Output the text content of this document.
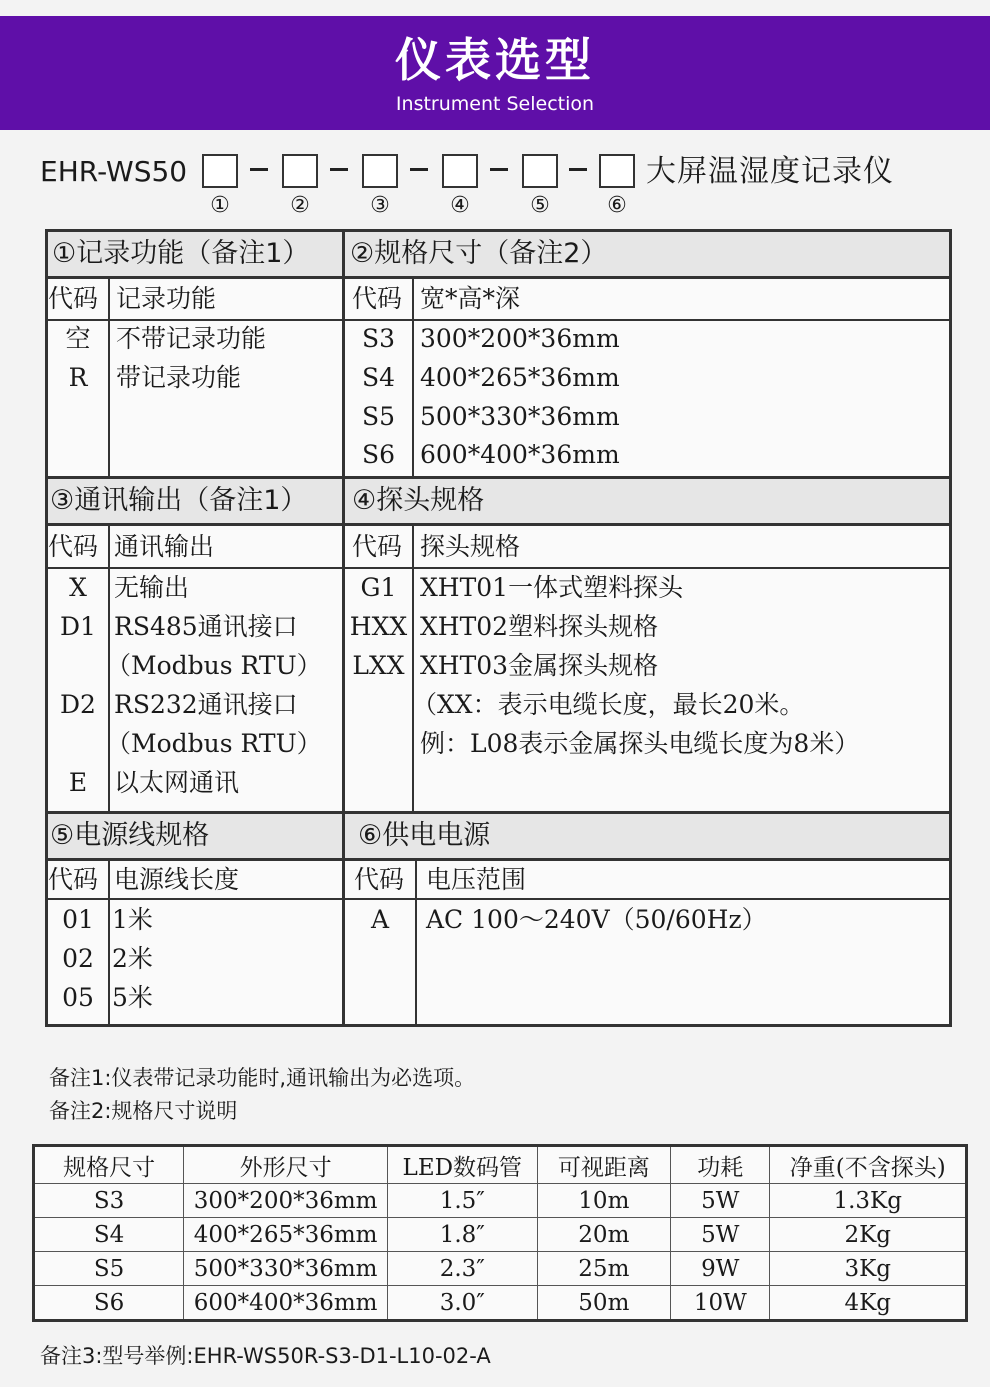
仪表选型
Instrument Selection
EHR-WS50	大屏温湿度记录仪
①	②	③	④	⑤	⑥
①记录功能（备注1）
代码 记录功能
空	不带记录功能
R	带记录功能
②规格尺寸（备注2）
代码 宽*高*深
S3 300*200*36mm
S4 400*265*36mm
S5 500*330*36mm
S6 600*400*36mm
③通讯输出（备注1）
代码 通讯输出
X	无输出
D1 RS485通讯接口
（Modbus RTU）
D2 RS232通讯接口
（Modbus RTU）
E	以太网通讯
④探头规格
代码 探头规格
G1 XHT01一体式塑料探头
HXX XHT02塑料探头规格
LXX XHT03金属探头规格
（XX：表示电缆长度，最长20米。
例：L08表示金属探头电缆长度为8米）
⑤电源线规格
代码 电源线长度
01 1米
02 2米
05 5米
⑥供电电源
代码 电压范围
A	AC 100～240V（50/60Hz）
备注1:仪表带记录功能时,通讯输出为必选项。
备注2:规格尺寸说明
规格尺寸	外形尺寸	LED数码管	可视距离	功耗	净重(不含探头)
S3	300*200*36mm	1.5″	10m	5W	1.3Kg
S4	400*265*36mm	1.8″	20m	5W	2Kg
S5	500*330*36mm	2.3″	25m	9W	3Kg
S6	600*400*36mm	3.0″	50m	10W	4Kg
备注3:型号举例:EHR-WS50R-S3-D1-L10-02-A
